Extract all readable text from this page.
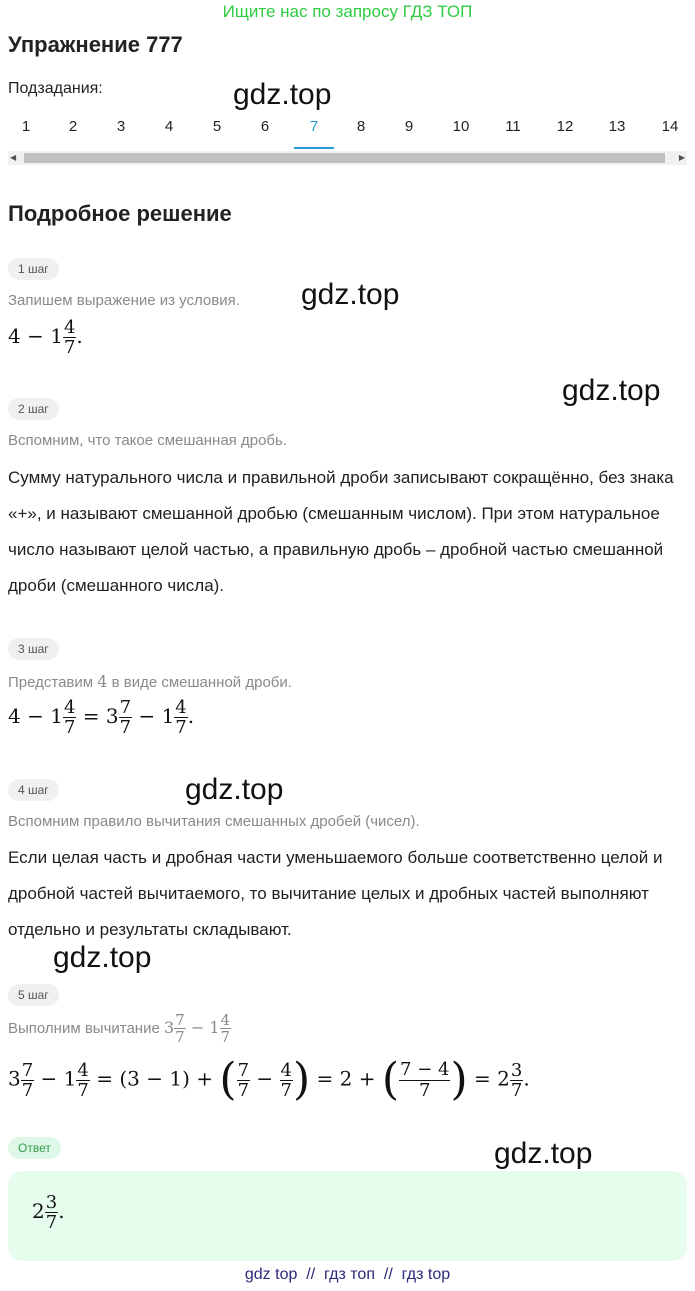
Ищите нас по запросу ГДЗ ТОП
Упражнение 777
Подзадания:	gdz.top
1	2	3	4	5	6	7	8	9	10	11	12	13	14
◀	▶
Подробное решение
1 шаг
Запишем выражение из условия. gdz.top
$4 - 1 \frac{4}{7}$ .
gdz.top
2 шаг
Вспомним, что такое смешанная дробь.
Сумму натурального числа и правильной дроби записывают сокращённо, без знака «+», и называют смешанной дробью (смешанным числом). При этом натуральное число называют целой частью, а правильную дробь – дробной частью смешанной дроби (смешанного числа).
3 шаг
Представим 4 в виде смешанной дроби.
$4 - 1 \frac{4}{7} = 3 \frac{7}{7} - 1 \frac{4}{7}$ .
gdz.top
4 шаг
Вспомним правило вычитания смешанных дробей (чисел).
Если целая часть и дробная части уменьшаемого больше соответственно целой и дробной частей вычитаемого, то вычитание целых и дробных частей выполняют отдельно и результаты складывают.
gdz.top
5 шаг
Выполним вычитание $3 \frac{7}{7} - 1 \frac{4}{7}$
$3 \frac{7}{7} - 1 \frac{4}{7} = (3 - 1)$ + ( $\frac{7}{7} - \frac{4}{7}$ ) = 2 + ( $\frac{7 - 4}{7}$ ) = $2 \frac{3}{7}$ .
Ответ	gdz.top
$2 \frac{3}{7}$ .
gdz top  //  гдз топ  //  гдз top
